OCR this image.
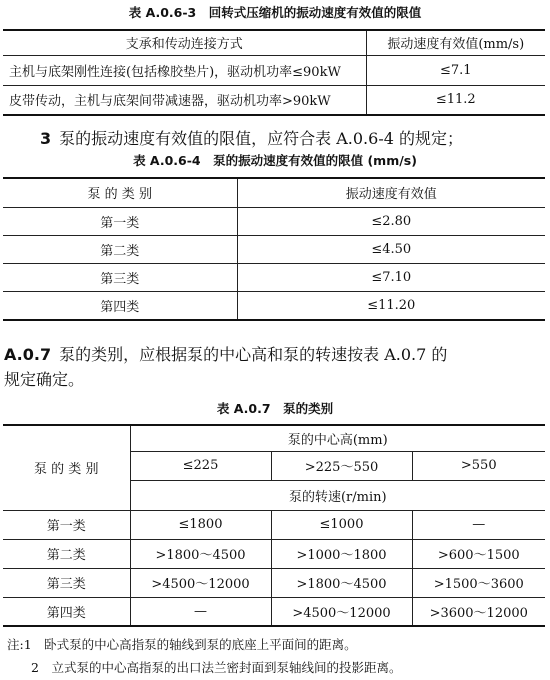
表 A.0.6-3　回转式压缩机的振动速度有效值的限值
支承和传动连接方式	振动速度有效值(mm/s)
主机与底架刚性连接(包括橡胶垫片)，驱动机功率≤90kW	≤7.1
皮带传动，主机与底架间带减速器，驱动机功率>90kW	≤11.2
3 泵的振动速度有效值的限值，应符合表 A.0.6-4 的规定；
表 A.0.6-4　泵的振动速度有效值的限值 (mm/s)
泵 的 类 别	振动速度有效值
第一类	≤2.80
第二类	≤4.50
第三类	≤7.10
第四类	≤11.20
A.0.7 泵的类别，应根据泵的中心高和泵的转速按表 A.0.7 的
规定确定。
表 A.0.7　泵的类别
泵 的 类 别	泵的中心高(mm)		
	≤225	>225～550	>550
	泵的转速(r/min)		
第一类	≤1800	≤1000	—
第二类	>1800～4500	>1000～1800	>600～1500
第三类	>4500～12000	>1800～4500	>1500～3600
第四类	—	>4500～12000	>3600～12000
注:1　卧式泵的中心高指泵的轴线到泵的底座上平面间的距离。
2　立式泵的中心高指泵的出口法兰密封面到泵轴线间的投影距离。
